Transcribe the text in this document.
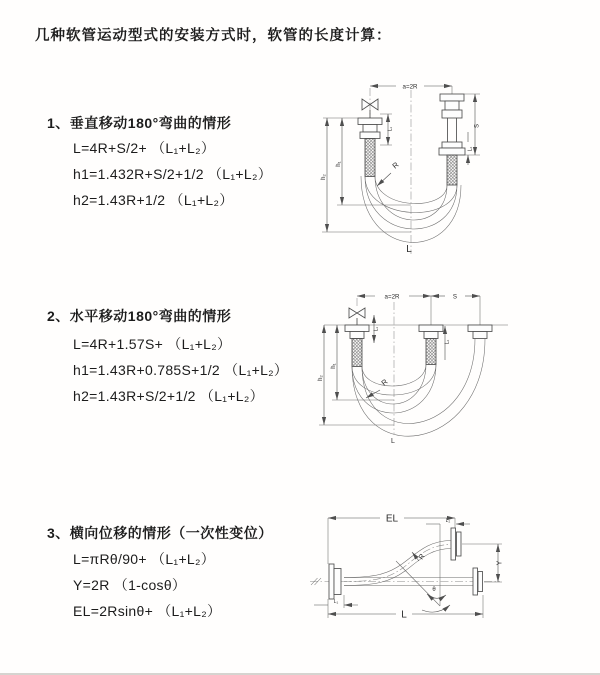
几种软管运动型式的安装方式时，软管的长度计算：
1、垂直移动180°弯曲的情形
L=4R+S/2+ （L₁+L₂）
h1=1.432R+S/2+1/2 （L₁+L₂）
h2=1.43R+1/2 （L₁+L₂）
2、水平移动180°弯曲的情形
L=4R+1.57S+ （L₁+L₂）
h1=1.43R+0.785S+1/2 （L₁+L₂）
h2=1.43R+S/2+1/2 （L₁+L₂）
3、横向位移的情形（一次性变位）
L=πRθ/90+ （L₁+L₂）
Y=2R （1-cosθ）
EL=2Rsinθ+ （L₁+L₂）
a=2R
R
S
L₂
L₁
h₁
h₂
L
a=2R	S
L₁
L₂
h₁
h₂	R
L
EL	L₂
θ
R
Y
L₁
L
